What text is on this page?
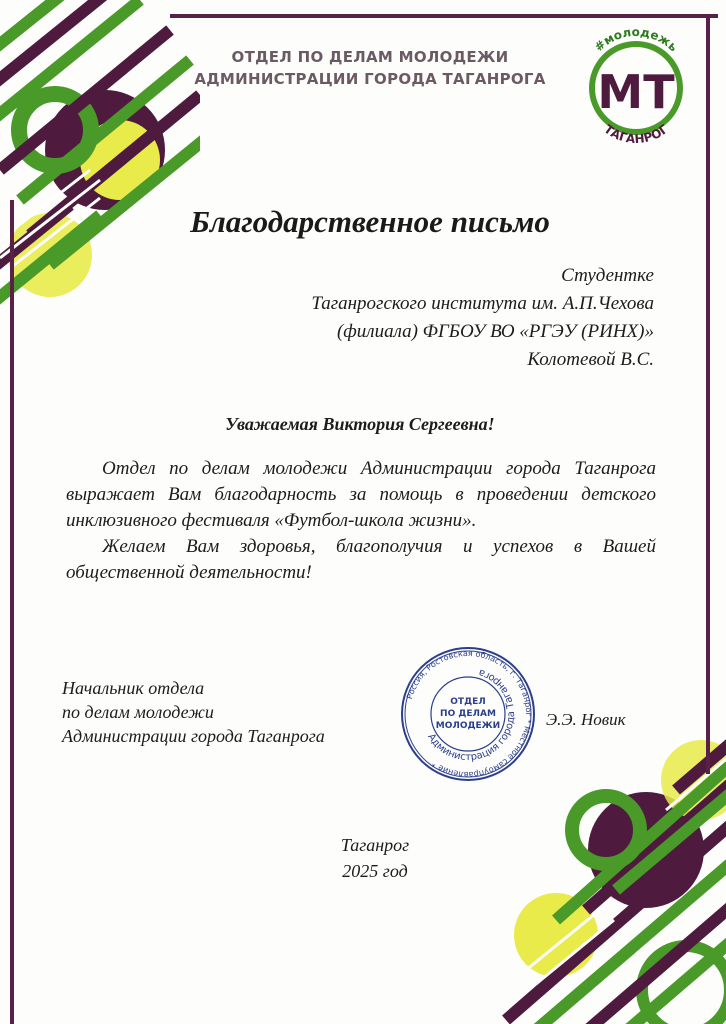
ОТДЕЛ ПО ДЕЛАМ МОЛОДЕЖИ
АДМИНИСТРАЦИИ ГОРОДА ТАГАНРОГА
#молодежь
МТ
ТАГАНРОГ
Благодарственное письмо
Студентке
Таганрогского института им. А.П.Чехова
(филиала) ФГБОУ ВО «РГЭУ (РИНХ)»
Колотевой В.С.
Уважаемая Виктория Сергеевна!

Отдел по делам молодежи Администрации города Таганрога выражает Вам благодарность за помощь в проведении детского инклюзивного фестиваля «Футбол-школа жизни».

Желаем Вам здоровья, благополучия и успехов в Вашей общественной деятельности!

Начальник отдела
по делам молодежи
Администрации города Таганрога
Россия, Ростовская область, г. Таганрог * Местное самоуправление *
Администрация города Таганрога
ОТДЕЛ
ПО ДЕЛАМ
МОЛОДЕЖИ	Э.Э. Новик
Таганрог
2025 год
